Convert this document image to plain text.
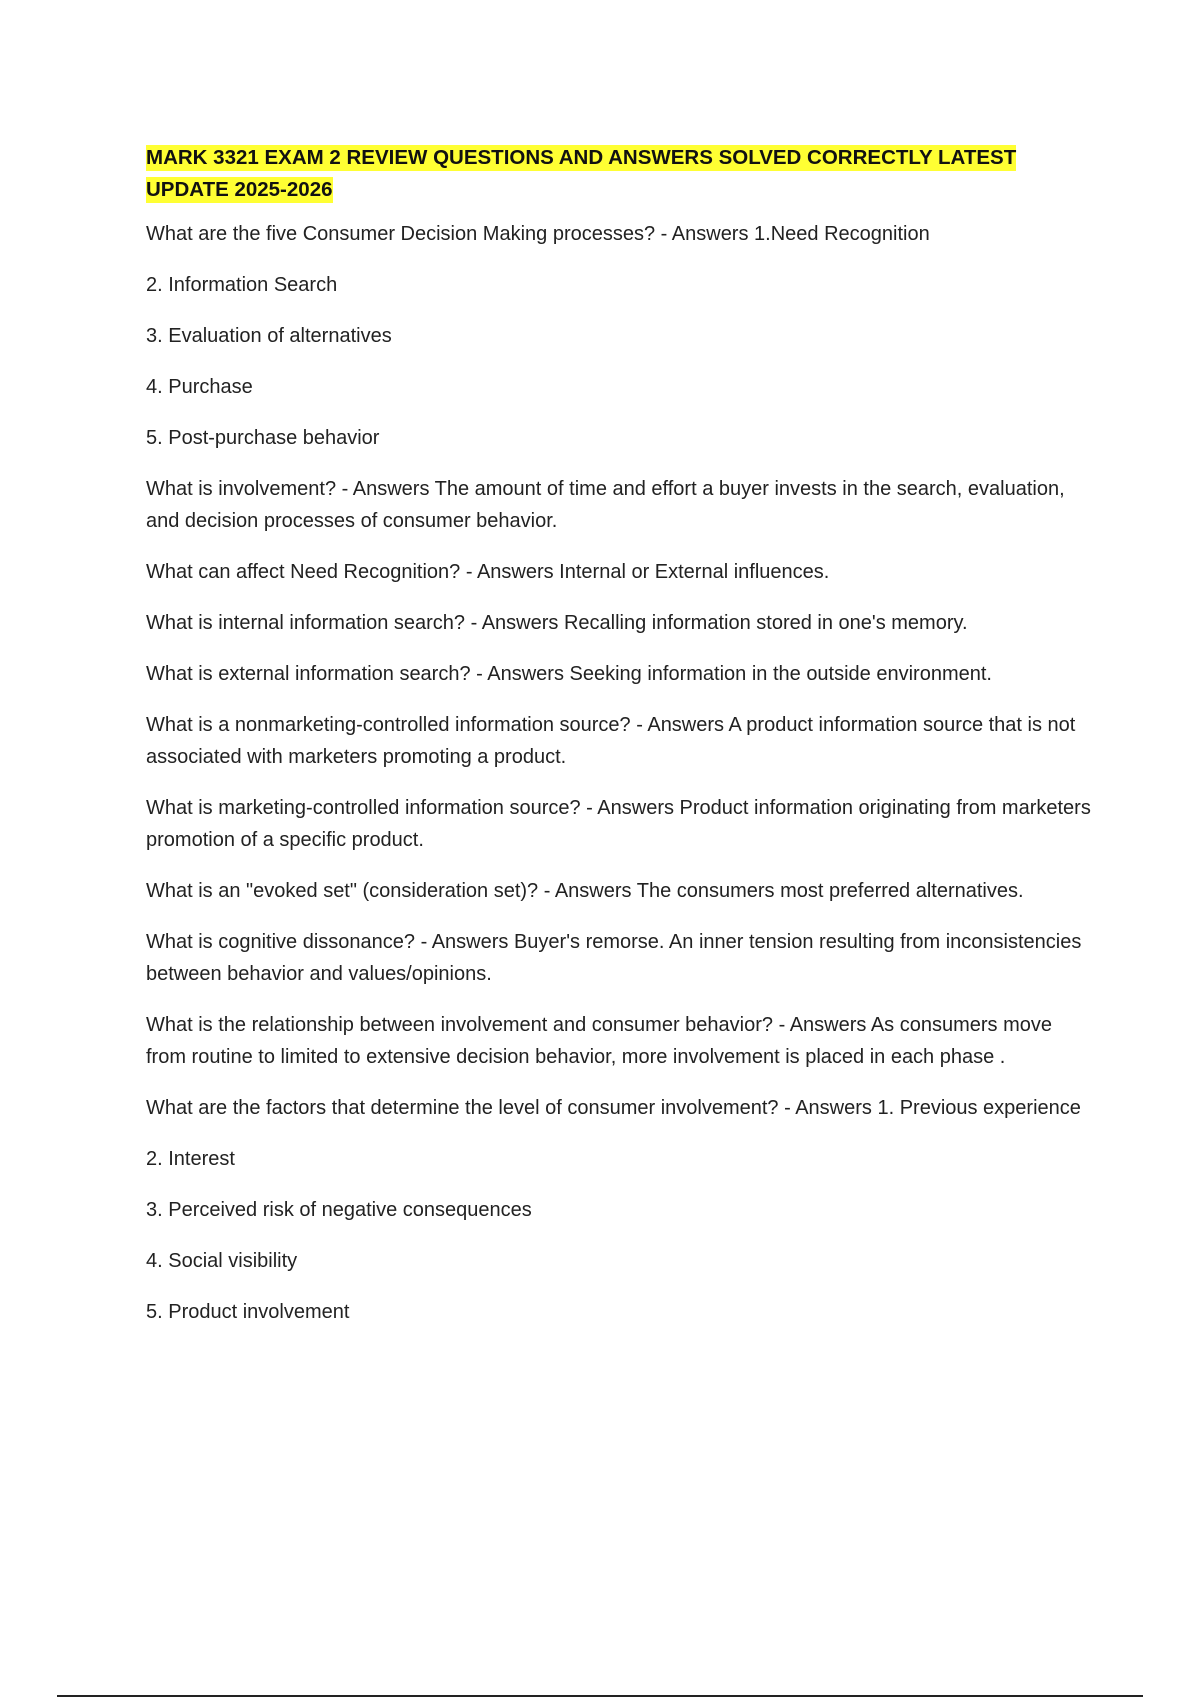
MARK 3321 EXAM 2 REVIEW QUESTIONS AND ANSWERS SOLVED CORRECTLY LATEST UPDATE 2025-2026

What are the five Consumer Decision Making processes? - Answers 1.Need Recognition

2. Information Search

3. Evaluation of alternatives

4. Purchase

5. Post-purchase behavior

What is involvement? - Answers The amount of time and effort a buyer invests in the search, evaluation, and decision processes of consumer behavior.

What can affect Need Recognition? - Answers Internal or External influences.

What is internal information search? - Answers Recalling information stored in one's memory.

What is external information search? - Answers Seeking information in the outside environment.

What is a nonmarketing-controlled information source? - Answers A product information source that is not associated with marketers promoting a product.

What is marketing-controlled information source? - Answers Product information originating from marketers promotion of a specific product.

What is an "evoked set" (consideration set)? - Answers The consumers most preferred alternatives.

What is cognitive dissonance? - Answers Buyer's remorse. An inner tension resulting from inconsistencies between behavior and values/opinions.

What is the relationship between involvement and consumer behavior? - Answers As consumers move from routine to limited to extensive decision behavior, more involvement is placed in each phase .

What are the factors that determine the level of consumer involvement? - Answers 1. Previous experience

2. Interest

3. Perceived risk of negative consequences

4. Social visibility

5. Product involvement
